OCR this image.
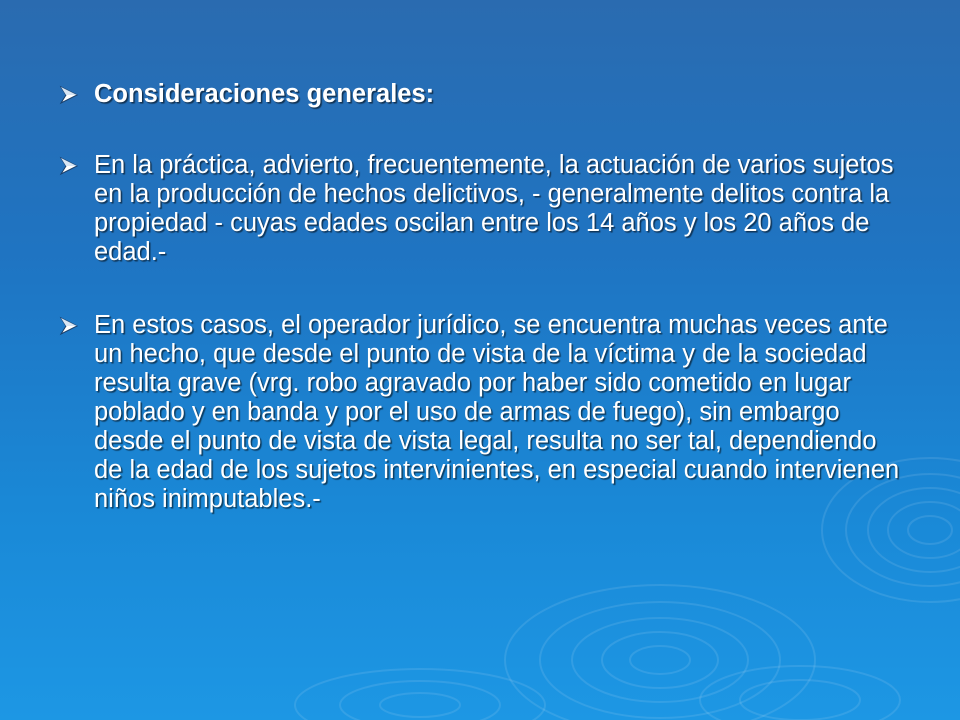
Consideraciones generales:
En la práctica, advierto, frecuentemente, la actuación de varios sujetos en la producción de hechos delictivos, - generalmente delitos contra la propiedad - cuyas edades oscilan entre los 14 años y los 20 años de edad.-
En estos casos, el operador jurídico, se encuentra muchas veces ante un hecho, que desde el punto de vista de la víctima y de la sociedad resulta grave (vrg. robo agravado por haber sido cometido en lugar poblado y en banda y por el uso de armas de fuego), sin embargo desde el punto de vista de vista legal, resulta no ser tal, dependiendo de la edad de los sujetos intervinientes, en especial cuando intervienen niños inimputables.-
